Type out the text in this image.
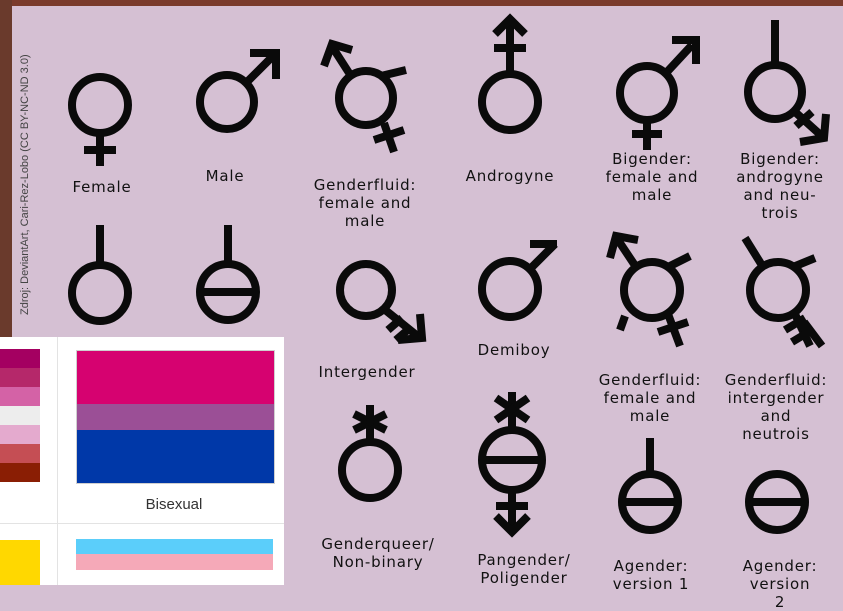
Zdroj: DeviantArt, Cari-Rez-Lobo (CC BY-NC-ND 3.0)	Female
Male	Genderfluid:
female and
male
Androgyne
Bigender:
female and
male
Bigender:
androgyne
and neu-
trois
Intergender
Demiboy
Genderfluid:
female and
male
Genderfluid:
intergender
and neutrois
Genderqueer/
Non-binary	Pangender/
Poligender
Agender:
version 1
Agender:
version 2
Bisexual
